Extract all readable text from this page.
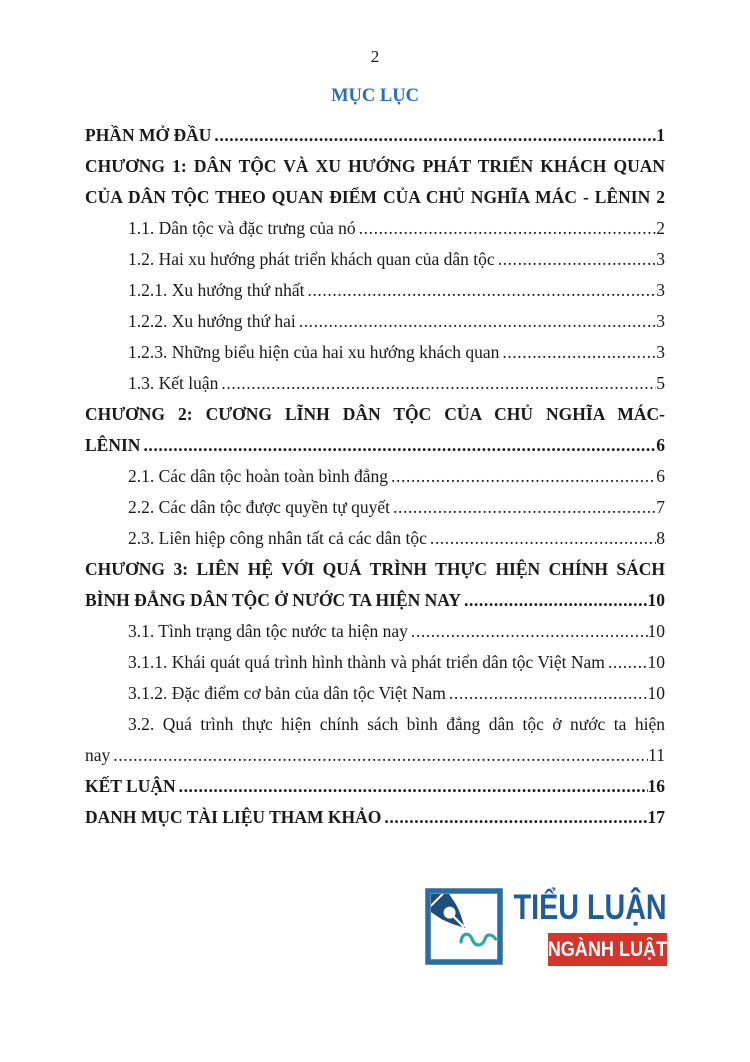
2
MỤC LỤC
PHẦN MỞ ĐẦU .....	1
CHƯƠNG 1: DÂN TỘC VÀ XU HƯỚNG PHÁT TRIỂN KHÁCH QUAN
CỦA DÂN TỘC THEO QUAN ĐIỂM CỦA CHỦ NGHĨA MÁC - LÊNIN 2
1.1. Dân tộc và đặc trưng của nó .....	2
1.2. Hai xu hướng phát triển khách quan của dân tộc .....	3
1.2.1. Xu hướng thứ nhất .....	3
1.2.2. Xu hướng thứ hai .....	3
1.2.3. Những biểu hiện của hai xu hướng khách quan .....	3
1.3. Kết luận .....	5
CHƯƠNG 2: CƯƠNG LĨNH DÂN TỘC CỦA CHỦ NGHĨA MÁC-
LÊNIN .....	6
2.1. Các dân tộc hoàn toàn bình đẳng .....	6
2.2. Các dân tộc được quyền tự quyết .....	7
2.3. Liên hiệp công nhân tất cả các dân tộc .....	8
CHƯƠNG 3: LIÊN HỆ VỚI QUÁ TRÌNH THỰC HIỆN CHÍNH SÁCH
BÌNH ĐẲNG DÂN TỘC Ở NƯỚC TA HIỆN NAY .....	10
3.1. Tình trạng dân tộc nước ta hiện nay .....	10
3.1.1. Khái quát quá trình hình thành và phát triển dân tộc Việt Nam ..... 10
3.1.2. Đặc điểm cơ bản của dân tộc Việt Nam .....	10
3.2. Quá trình thực hiện chính sách bình đẳng dân tộc ở nước ta hiện
nay .....	11
KẾT LUẬN .....	16
DANH MỤC TÀI LIỆU THAM KHẢO .....	17
TIỂU LUẬN
NGÀNH LUẬT
